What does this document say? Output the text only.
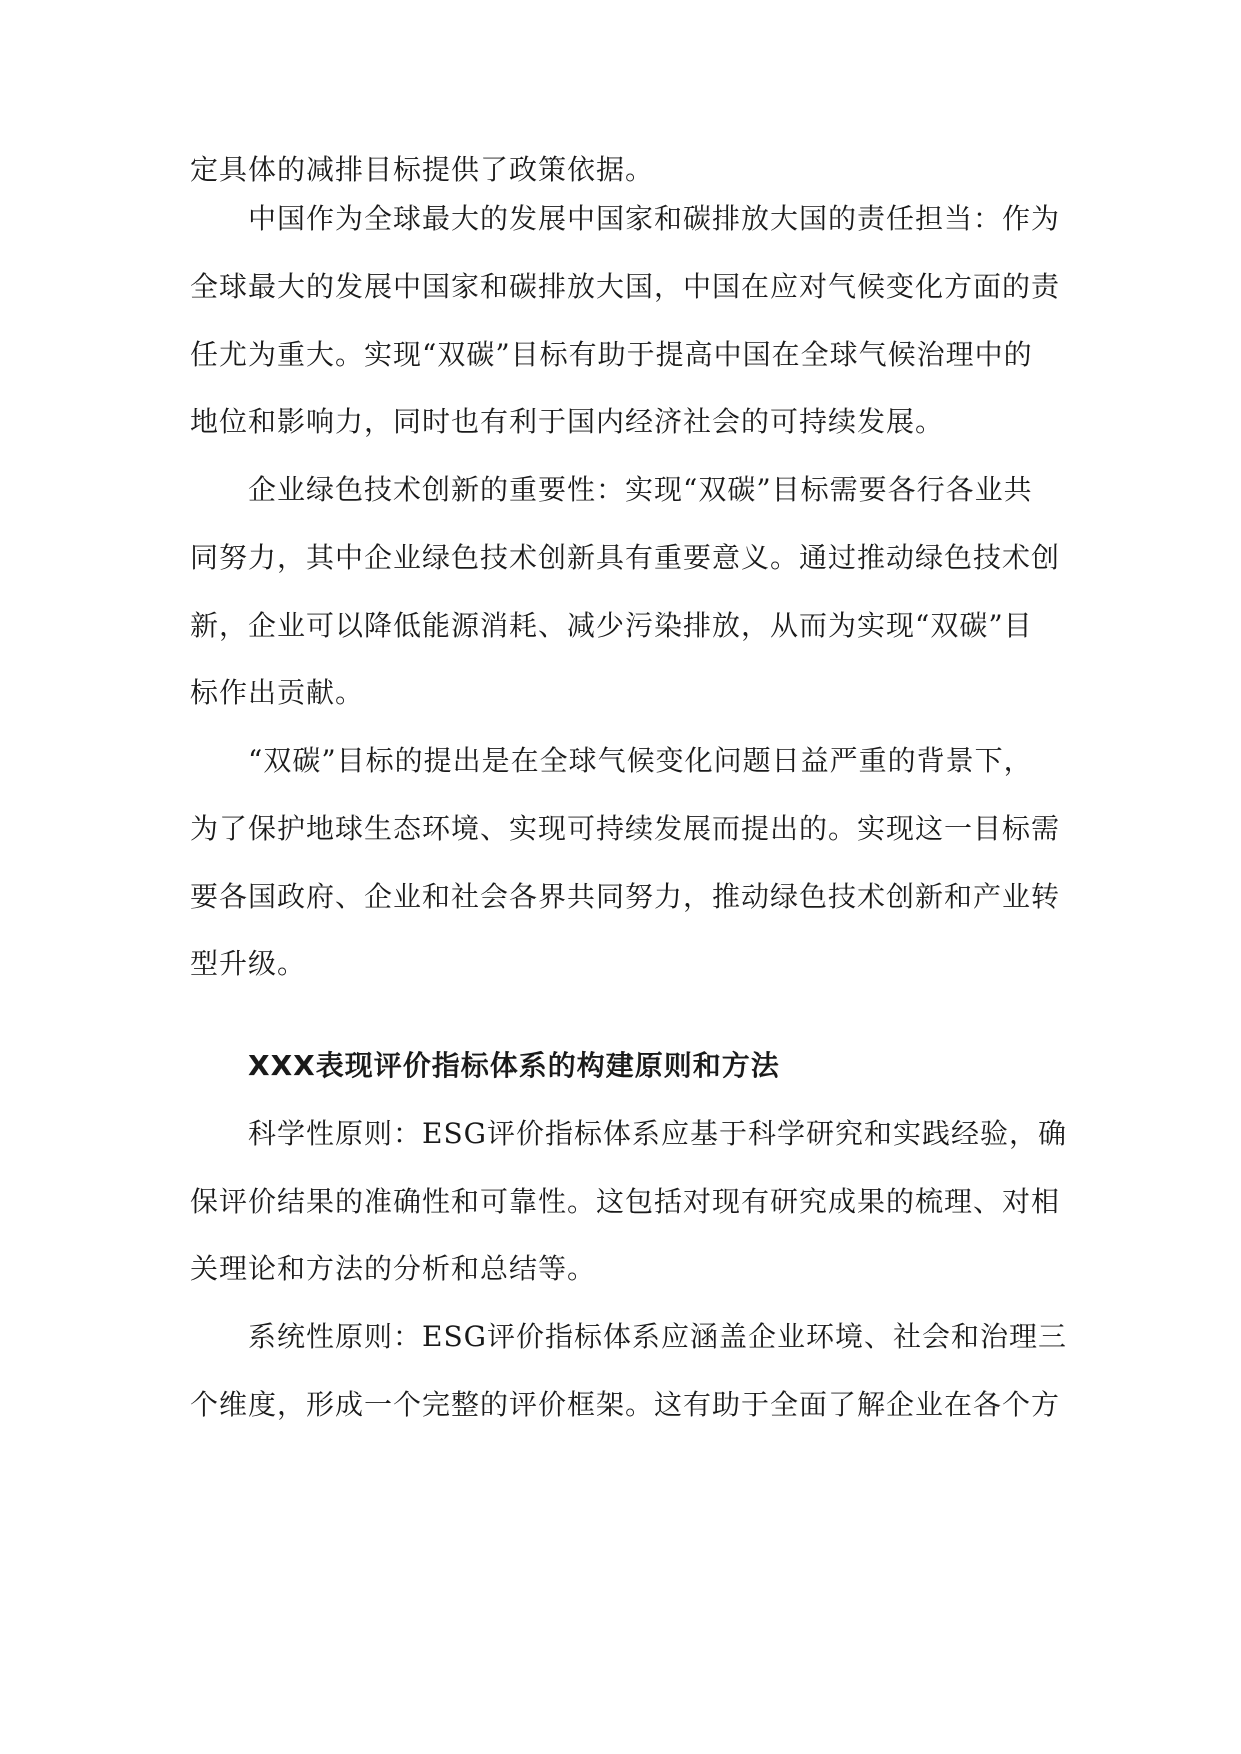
定具体的减排目标提供了政策依据。

中国作为全球最大的发展中国家和碳排放大国的责任担当：作为

全球最大的发展中国家和碳排放大国，中国在应对气候变化方面的责

任尤为重大。实现“双碳”目标有助于提高中国在全球气候治理中的

地位和影响力，同时也有利于国内经济社会的可持续发展。

企业绿色技术创新的重要性：实现“双碳”目标需要各行各业共

同努力，其中企业绿色技术创新具有重要意义。通过推动绿色技术创

新，企业可以降低能源消耗、减少污染排放，从而为实现“双碳”目

标作出贡献。

“双碳”目标的提出是在全球气候变化问题日益严重的背景下，

为了保护地球生态环境、实现可持续发展而提出的。实现这一目标需

要各国政府、企业和社会各界共同努力，推动绿色技术创新和产业转

型升级。

XXX表现评价指标体系的构建原则和方法

科学性原则：ESG评价指标体系应基于科学研究和实践经验，确

保评价结果的准确性和可靠性。这包括对现有研究成果的梳理、对相

关理论和方法的分析和总结等。

系统性原则：ESG评价指标体系应涵盖企业环境、社会和治理三

个维度，形成一个完整的评价框架。这有助于全面了解企业在各个方
